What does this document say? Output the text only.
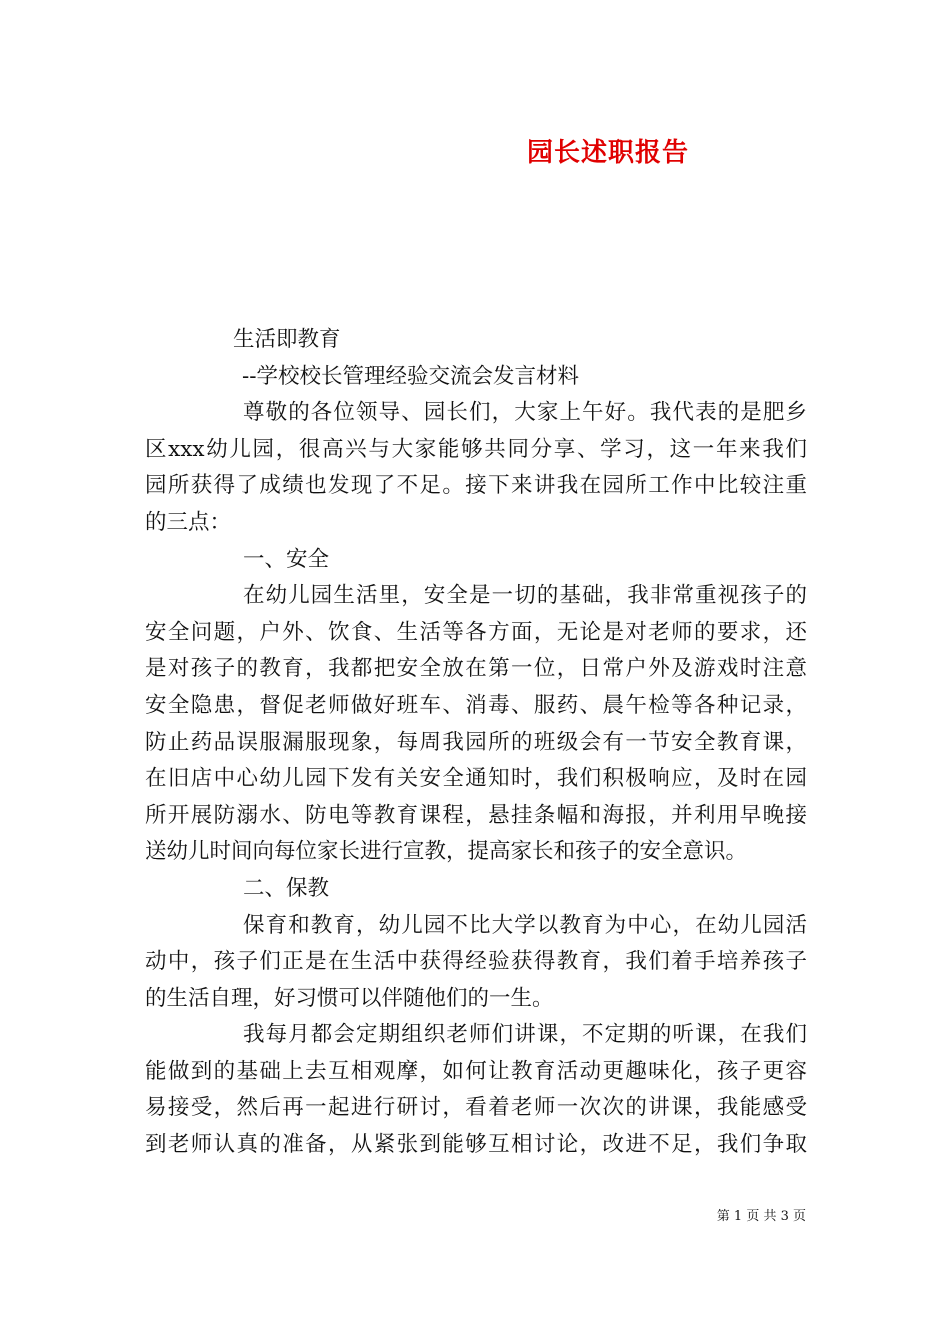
园长述职报告
生活即教育
--学校校长管理经验交流会发言材料
尊敬的各位领导、园长们，大家上午好。我代表的是肥乡
区xxx幼儿园，很高兴与大家能够共同分享、学习，这一年来我们
园所获得了成绩也发现了不足。接下来讲我在园所工作中比较注重
的三点：
一、安全
在幼儿园生活里，安全是一切的基础，我非常重视孩子的
安全问题，户外、饮食、生活等各方面，无论是对老师的要求，还
是对孩子的教育，我都把安全放在第一位，日常户外及游戏时注意
安全隐患，督促老师做好班车、消毒、服药、晨午检等各种记录，
防止药品误服漏服现象，每周我园所的班级会有一节安全教育课，
在旧店中心幼儿园下发有关安全通知时，我们积极响应，及时在园
所开展防溺水、防电等教育课程，悬挂条幅和海报，并利用早晚接
送幼儿时间向每位家长进行宣教，提高家长和孩子的安全意识。
二、保教
保育和教育，幼儿园不比大学以教育为中心，在幼儿园活
动中，孩子们正是在生活中获得经验获得教育，我们着手培养孩子
的生活自理，好习惯可以伴随他们的一生。
我每月都会定期组织老师们讲课，不定期的听课，在我们
能做到的基础上去互相观摩，如何让教育活动更趣味化，孩子更容
易接受，然后再一起进行研讨，看着老师一次次的讲课，我能感受
到老师认真的准备，从紧张到能够互相讨论，改进不足，我们争取
第 1 页 共 3 页
